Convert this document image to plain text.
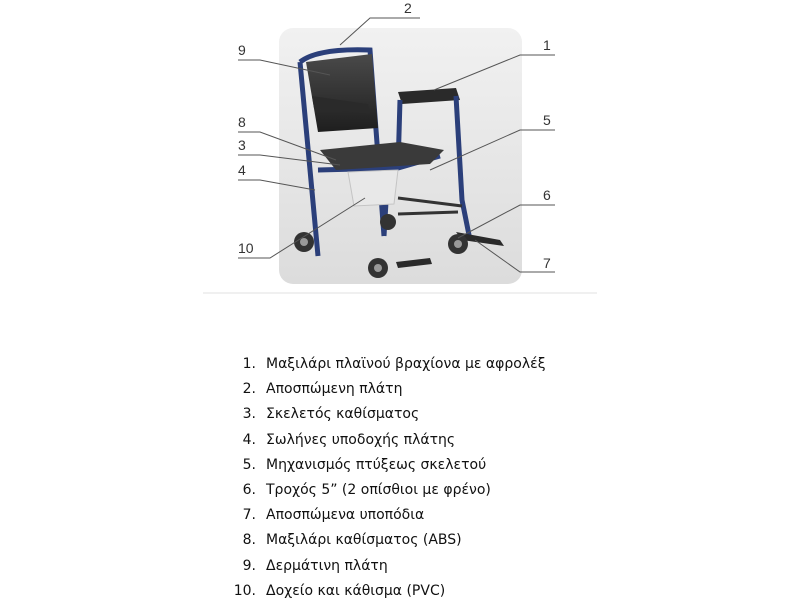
2
9	1
8
3
4
5
6
7
10
1. Μαξιλάρι πλαϊνού βραχίονα με αφρολέξ
2. Αποσπώμενη πλάτη
3. Σκελετός καθίσματος
4. Σωλήνες υποδοχής πλάτης
5. Μηχανισμός πτύξεως σκελετού
6. Τροχός 5” (2 οπίσθιοι με φρένο)
7. Αποσπώμενα υποπόδια
8. Μαξιλάρι καθίσματος (ABS)
9. Δερμάτινη πλάτη
10. Δοχείο και κάθισμα (PVC)
